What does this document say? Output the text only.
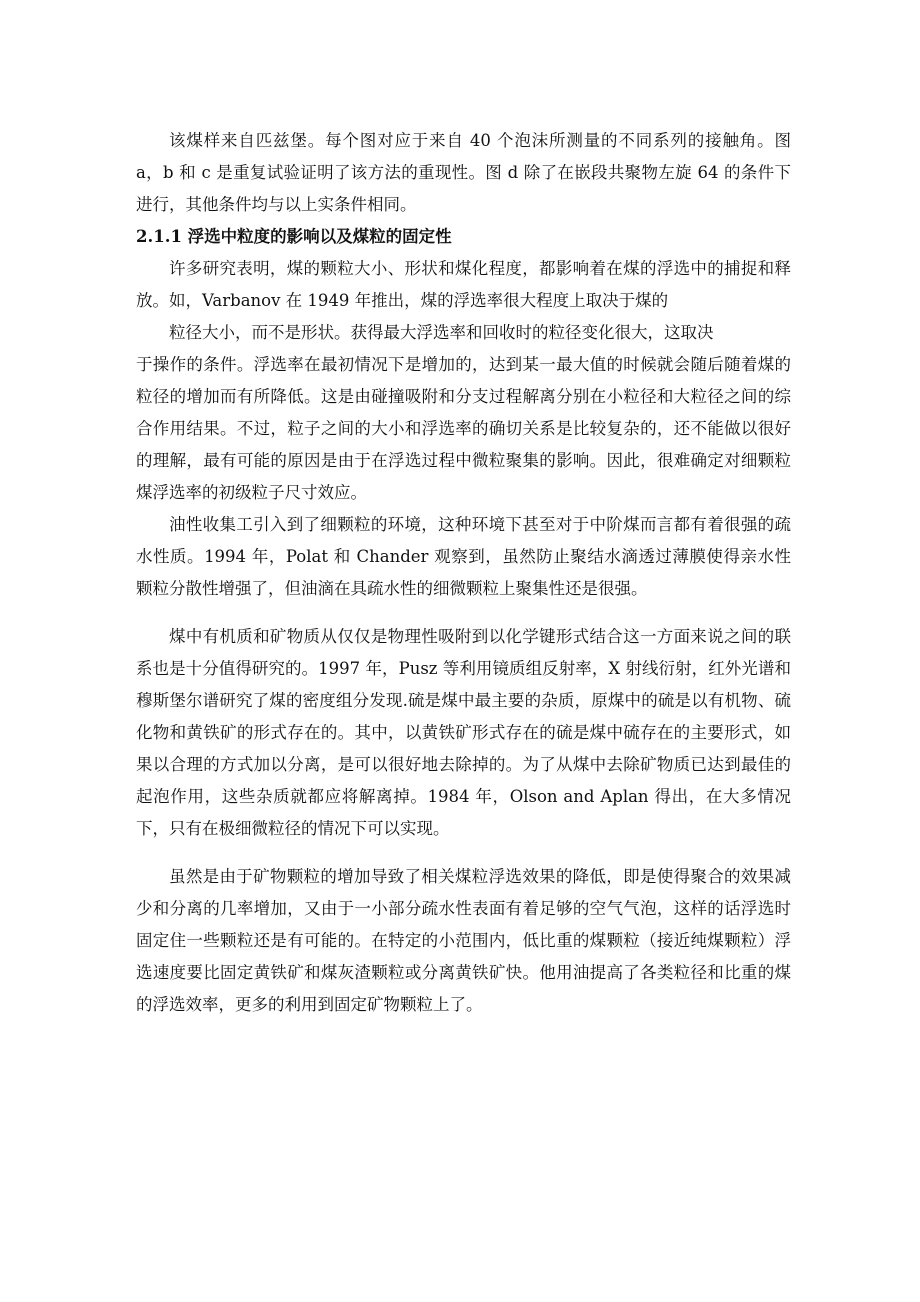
该煤样来自匹兹堡。每个图对应于来自 40 个泡沫所测量的不同系列的接触角。图 a，b 和 c 是重复试验证明了该方法的重现性。图 d 除了在嵌段共聚物左旋 64 的条件下进行，其他条件均与以上实条件相同。

2.1.1 浮选中粒度的影响以及煤粒的固定性

许多研究表明，煤的颗粒大小、形状和煤化程度，都影响着在煤的浮选中的捕捉和释放。如，Varbanov 在 1949 年推出，煤的浮选率很大程度上取决于煤的

粒径大小，而不是形状。获得最大浮选率和回收时的粒径变化很大，这取决
于操作的条件。浮选率在最初情况下是增加的，达到某一最大值的时候就会随后随着煤的粒径的增加而有所降低。这是由碰撞吸附和分支过程解离分别在小粒径和大粒径之间的综合作用结果。不过，粒子之间的大小和浮选率的确切关系是比较复杂的，还不能做以很好的理解，最有可能的原因是由于在浮选过程中微粒聚集的影响。因此，很难确定对细颗粒煤浮选率的初级粒子尺寸效应。

油性收集工引入到了细颗粒的环境，这种环境下甚至对于中阶煤而言都有着很强的疏水性质。1994 年，Polat 和 Chander 观察到，虽然防止聚结水滴透过薄膜使得亲水性颗粒分散性增强了，但油滴在具疏水性的细微颗粒上聚集性还是很强。

煤中有机质和矿物质从仅仅是物理性吸附到以化学键形式结合这一方面来说之间的联系也是十分值得研究的。1997 年，Pusz 等利用镜质组反射率，X 射线衍射，红外光谱和穆斯堡尔谱研究了煤的密度组分发现.硫是煤中最主要的杂质，原煤中的硫是以有机物、硫化物和黄铁矿的形式存在的。其中，以黄铁矿形式存在的硫是煤中硫存在的主要形式，如果以合理的方式加以分离，是可以很好地去除掉的。为了从煤中去除矿物质已达到最佳的起泡作用，这些杂质就都应将解离掉。1984 年，Olson and Aplan 得出，在大多情况下，只有在极细微粒径的情况下可以实现。

虽然是由于矿物颗粒的增加导致了相关煤粒浮选效果的降低，即是使得聚合的效果减少和分离的几率增加，又由于一小部分疏水性表面有着足够的空气气泡，这样的话浮选时固定住一些颗粒还是有可能的。在特定的小范围内，低比重的煤颗粒（接近纯煤颗粒）浮选速度要比固定黄铁矿和煤灰渣颗粒或分离黄铁矿快。他用油提高了各类粒径和比重的煤的浮选效率，更多的利用到固定矿物颗粒上了。
